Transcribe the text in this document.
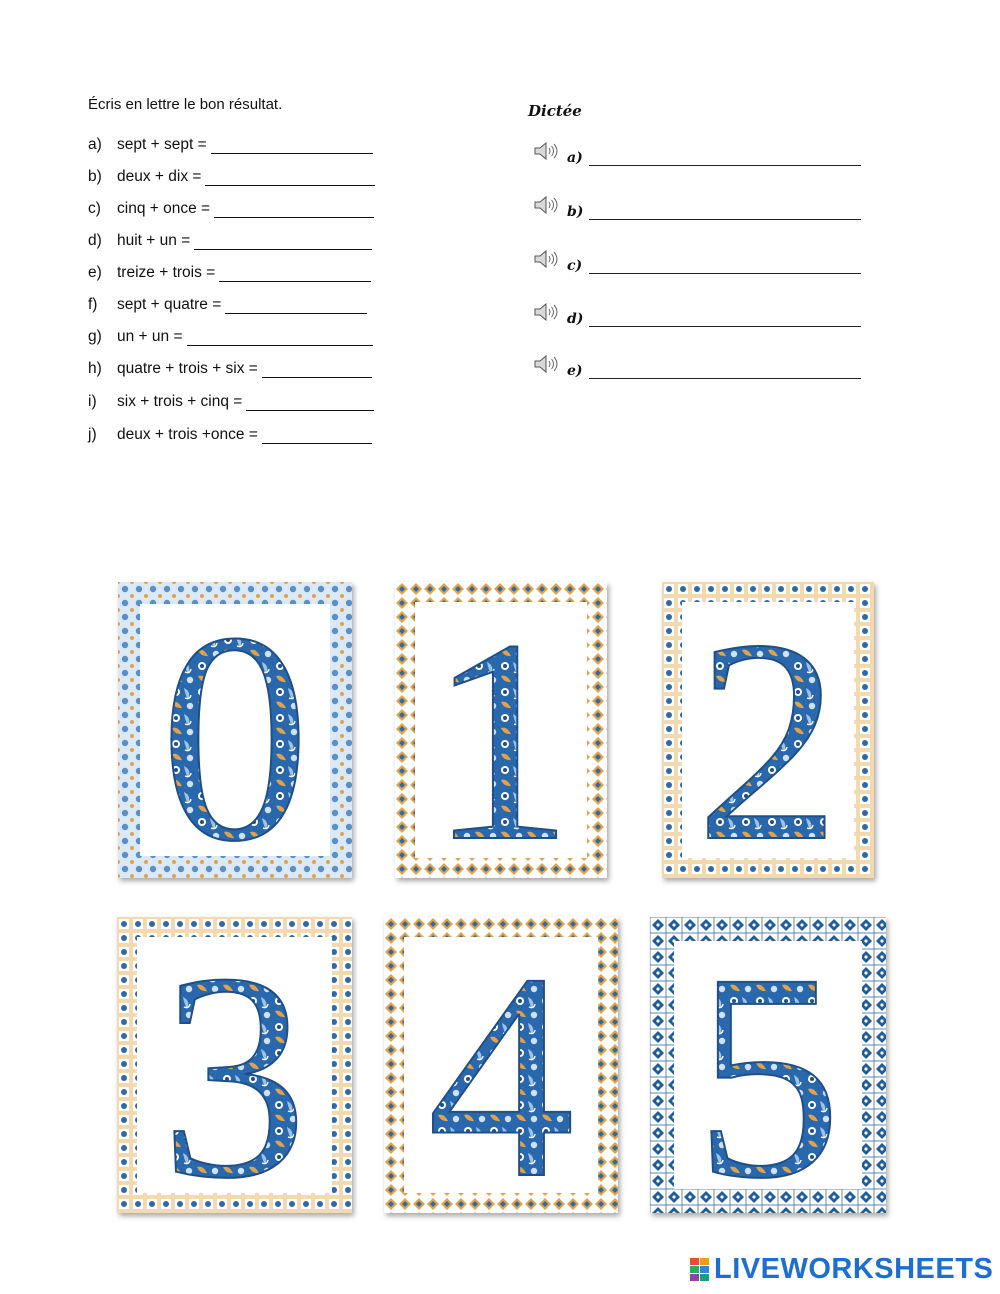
Écris en lettre le bon résultat.
a) sept + sept =
b) deux + dix =
c)	cinq + once =
d) huit + un =
e) treize + trois =
f)	sept + quatre =
g) un + un =
h) quatre + trois + six =
i)	six + trois + cinq =
j)	deux + trois +once =
Dictée
a)
b)
c)
d)
e)
0 1 2
3 4 5
LIVEWORKSHEETS
